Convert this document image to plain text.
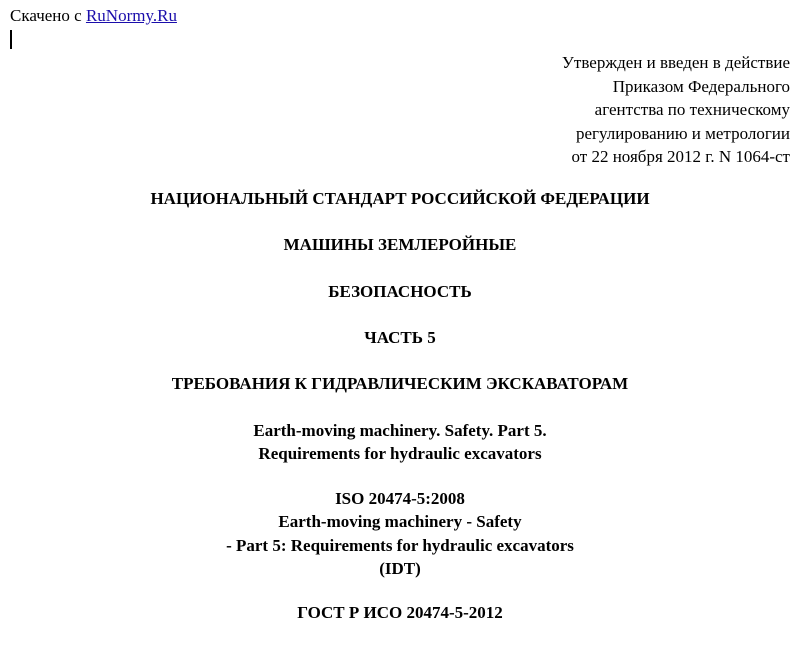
Скачено с RuNormy.Ru
Утвержден и введен в действие
Приказом Федерального
агентства по техническому
регулированию и метрологии
от 22 ноября 2012 г. N 1064-ст
НАЦИОНАЛЬНЫЙ СТАНДАРТ РОССИЙСКОЙ ФЕДЕРАЦИИ
МАШИНЫ ЗЕМЛЕРОЙНЫЕ
БЕЗОПАСНОСТЬ
ЧАСТЬ 5
ТРЕБОВАНИЯ К ГИДРАВЛИЧЕСКИМ ЭКСКАВАТОРАМ
Earth-moving machinery. Safety. Part 5.
Requirements for hydraulic excavators
ISO 20474-5:2008
Earth-moving machinery - Safety
- Part 5: Requirements for hydraulic excavators
(IDT)
ГОСТ Р ИСО 20474-5-2012
